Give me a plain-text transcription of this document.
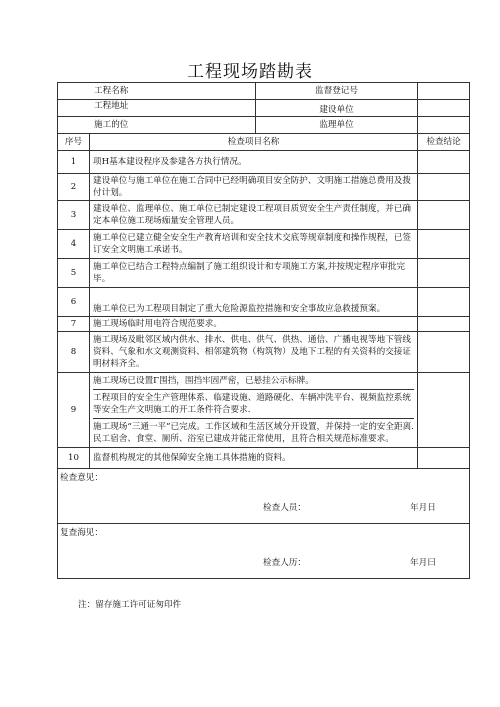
工程现场踏勘表
工程名称		监督登记号	
工程地址		建设单位	
施工的位		监理单位	
序号	检查项目名称		检查结论
1	项H基本建设程序及参建各方执行情况。		
2	建设单位与施工单位在施工合同中已经明确项目安全防护、文明施工措施总费用及拨付计划。		
3	建设单位、监理单位、施工单位已制定建设工程项目质贸安全生产责任制度，并已确定本单位施工现场痂量安全管理人员。		
4	施工单位已建立健全安全生产教育培训和安全技术交底等规章制度和操作规程，已签订安全文明施工承诺书。		
5	施工单位已结合工程特点编制了施工组织设计和专项施工方案,并按规定程序审批完毕。		
6	施工单位已为工程项目制定了重大危险源监控措施和安全事故应急救援预案。		
7	施工现场临时用电符合规范要求。		
8	施工现场及毗邻区域内供水、排水、供电、供气、供热、通信、广播电视等地下管线资料、气象和水文观测资料、相邻建筑物（构筑物）及地下工程的有关资料的交接证明材料齐全。		
9	施工现场已设置Γ围挡，围挡牢固严密，已悬挂公示标牌。
工程项目的安全生产管理体系、临建设施、道路硬化、车辆冲洗平台、视频监控系统等安全生产文明施工的开工条件符合要求.
施工现场“三通一平”已完成。工作区域和生活区域分开设置，并保持一定的安全距离. 民工宿舍、食堂、厕所、浴室已建成并能正常使用，且符合相关规范标准要求。		

10	监督机构规定的其他保障安全施工具体措施的资料。		

检查意见：
检查人员： 年月日			

复查海见：
检查人历： 年月曰			
注：留存施工许可证匆印件
